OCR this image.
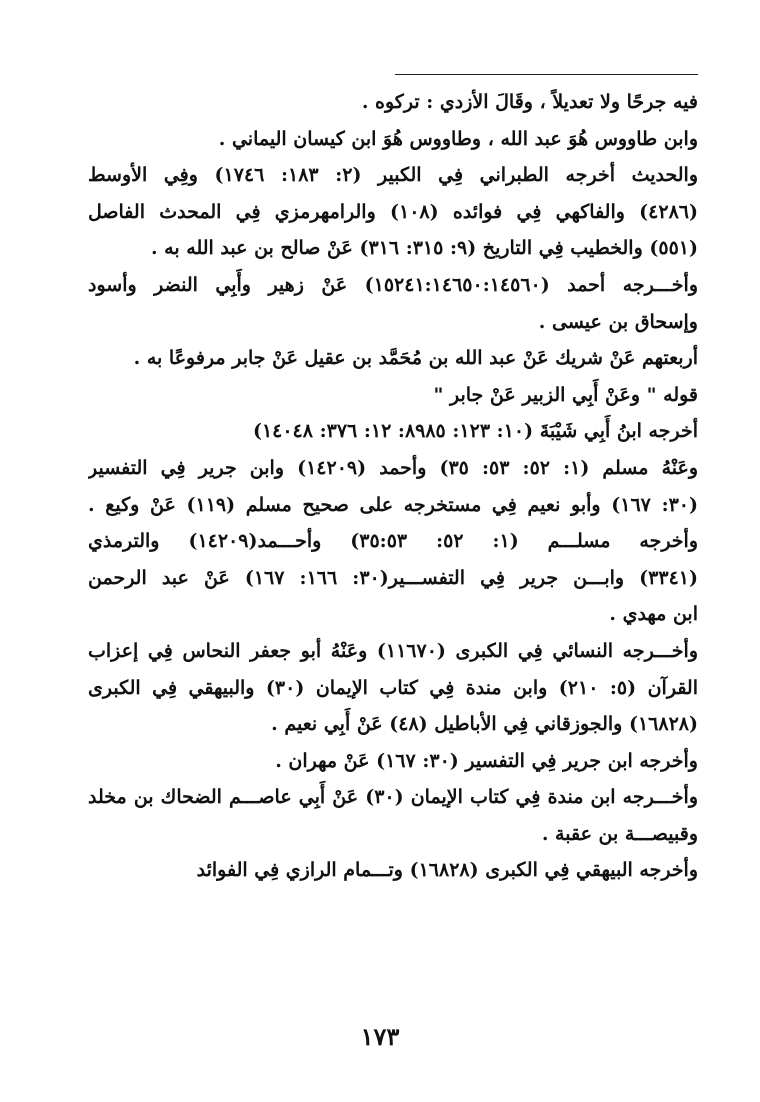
فيه جرحًا ولا تعديلاً ، وقَالَ الأزدي : تركوه .
وابن طاووس هُوَ عبد الله ، وطاووس هُوَ ابن كيسان اليماني .
والحديث أخرجه الطبراني فِي الكبير (٢: ١٨٣: ١٧٤٦) وفِي الأوسط
(٤٢٨٦) والفاكهي فِي فوائده (١٠٨) والرامهرمزي فِي المحدث الفاصل
(٥٥١) والخطيب فِي التاريخ (٩: ٣١٥: ٣١٦) عَنْ صالح بن عبد الله به .
وأخـــرجه أحمد (١٥٢٤١:١٤٦٥٠:١٤٥٦٠) عَنْ زهير وأَبِي النضر وأسود
وإسحاق بن عيسى .
أربعتهم عَنْ شريك عَنْ عبد الله بن مُحَمَّد بن عقيل عَنْ جابر مرفوعًا به .
قوله " وعَنْ أَبِي الزبير عَنْ جابر "
أخرجه ابنُ أَبِي شَيْبَةَ (١٠: ١٢٣: ٨٩٨٥: ١٢: ٣٧٦: ١٤٠٤٨)
وعَنْهُ مسلم (١: ٥٢: ٥٣: ٣٥) وأحمد (١٤٢٠٩) وابن جرير فِي التفسير
(٣٠: ١٦٧) وأبو نعيم فِي مستخرجه على صحيح مسلم (١١٩) عَنْ وكيع .
وأخرجه مسلـــم (١: ٥٢: ٣٥:٥٣) وأحـــمد(١٤٢٠٩) والترمذي
(٣٣٤١) وابـــن جرير فِي التفســـير(٣٠: ١٦٦: ١٦٧) عَنْ عبد الرحمن
ابن مهدي .
وأخـــرجه النسائي فِي الكبرى (١١٦٧٠) وعَنْهُ أبو جعفر النحاس فِي إعزاب
القرآن (٥: ٢١٠) وابن مندة فِي كتاب الإيمان (٣٠) والبيهقي فِي الكبرى
(١٦٨٢٨) والجوزقاني فِي الأباطيل (٤٨) عَنْ أَبِي نعيم .
وأخرجه ابن جرير فِي التفسير (٣٠: ١٦٧) عَنْ مهران .
وأخـــرجه ابن مندة فِي كتاب الإيمان (٣٠) عَنْ أَبِي عاصـــم الضحاك بن مخلد
وقبيصـــة بن عقبة .
وأخرجه البيهقي فِي الكبرى (١٦٨٢٨) وتـــمام الرازي فِي الفوائد
١٧٣
